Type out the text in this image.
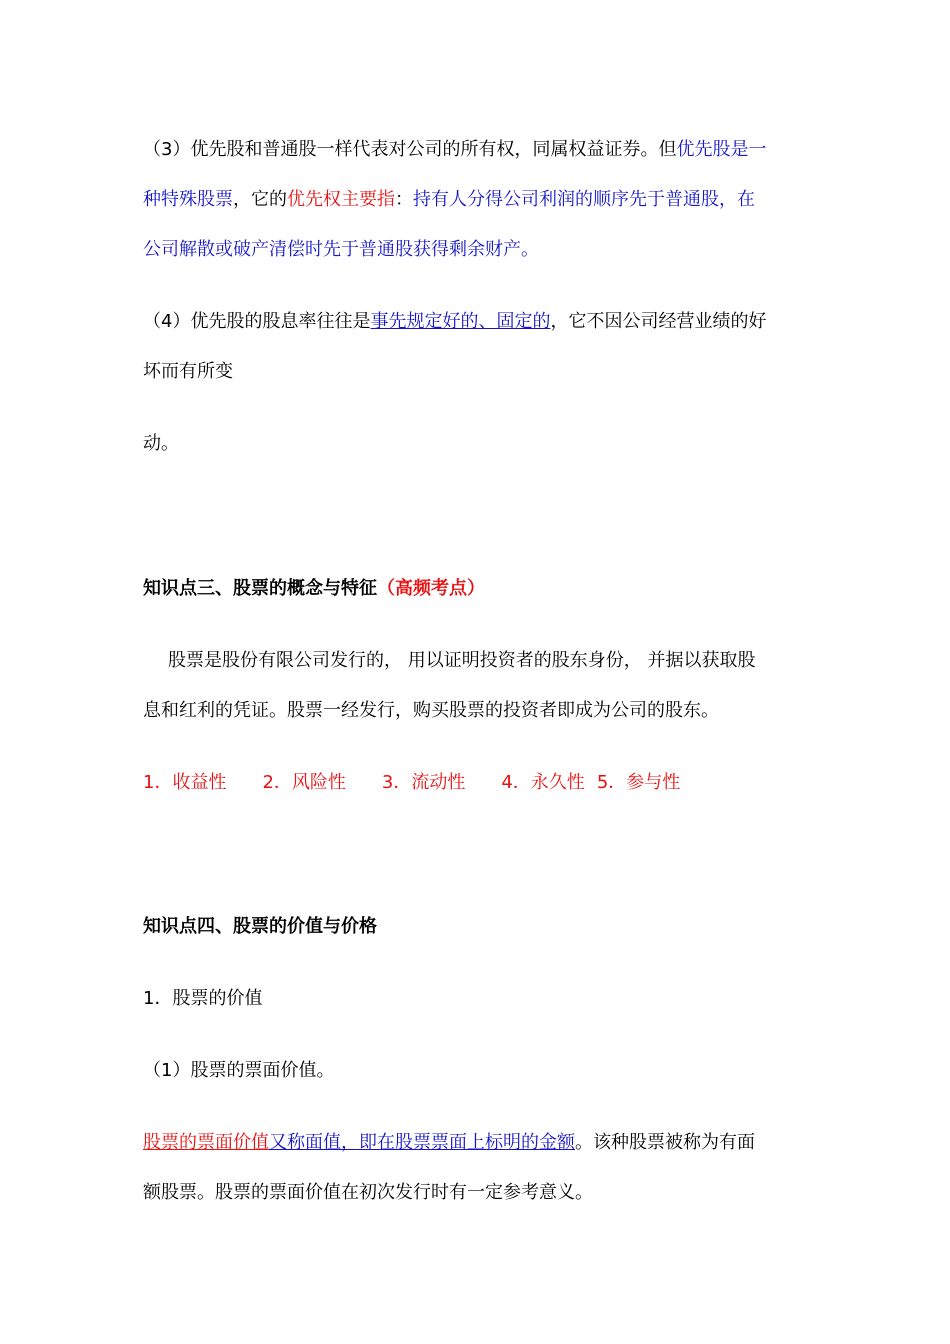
（3）优先股和普通股一样代表对公司的所有权，同属权益证券。但优先股是一
种特殊股票，它的优先权主要指：持有人分得公司利润的顺序先于普通股，在
公司解散或破产清偿时先于普通股获得剩余财产。
（4）优先股的股息率往往是事先规定好的、固定的，它不因公司经营业绩的好
坏而有所变
动。
知识点三、股票的概念与特征（高频考点）
股票是股份有限公司发行的， 用以证明投资者的股东身份， 并据以获取股
息和红利的凭证。股票一经发行，购买股票的投资者即成为公司的股东。
1．收益性 2．风险性 3．流动性 4．永久性 5．参与性
知识点四、股票的价值与价格
1．股票的价值
（1）股票的票面价值。
股票的票面价值又称面值，即在股票票面上标明的金额。该种股票被称为有面
额股票。股票的票面价值在初次发行时有一定参考意义。
